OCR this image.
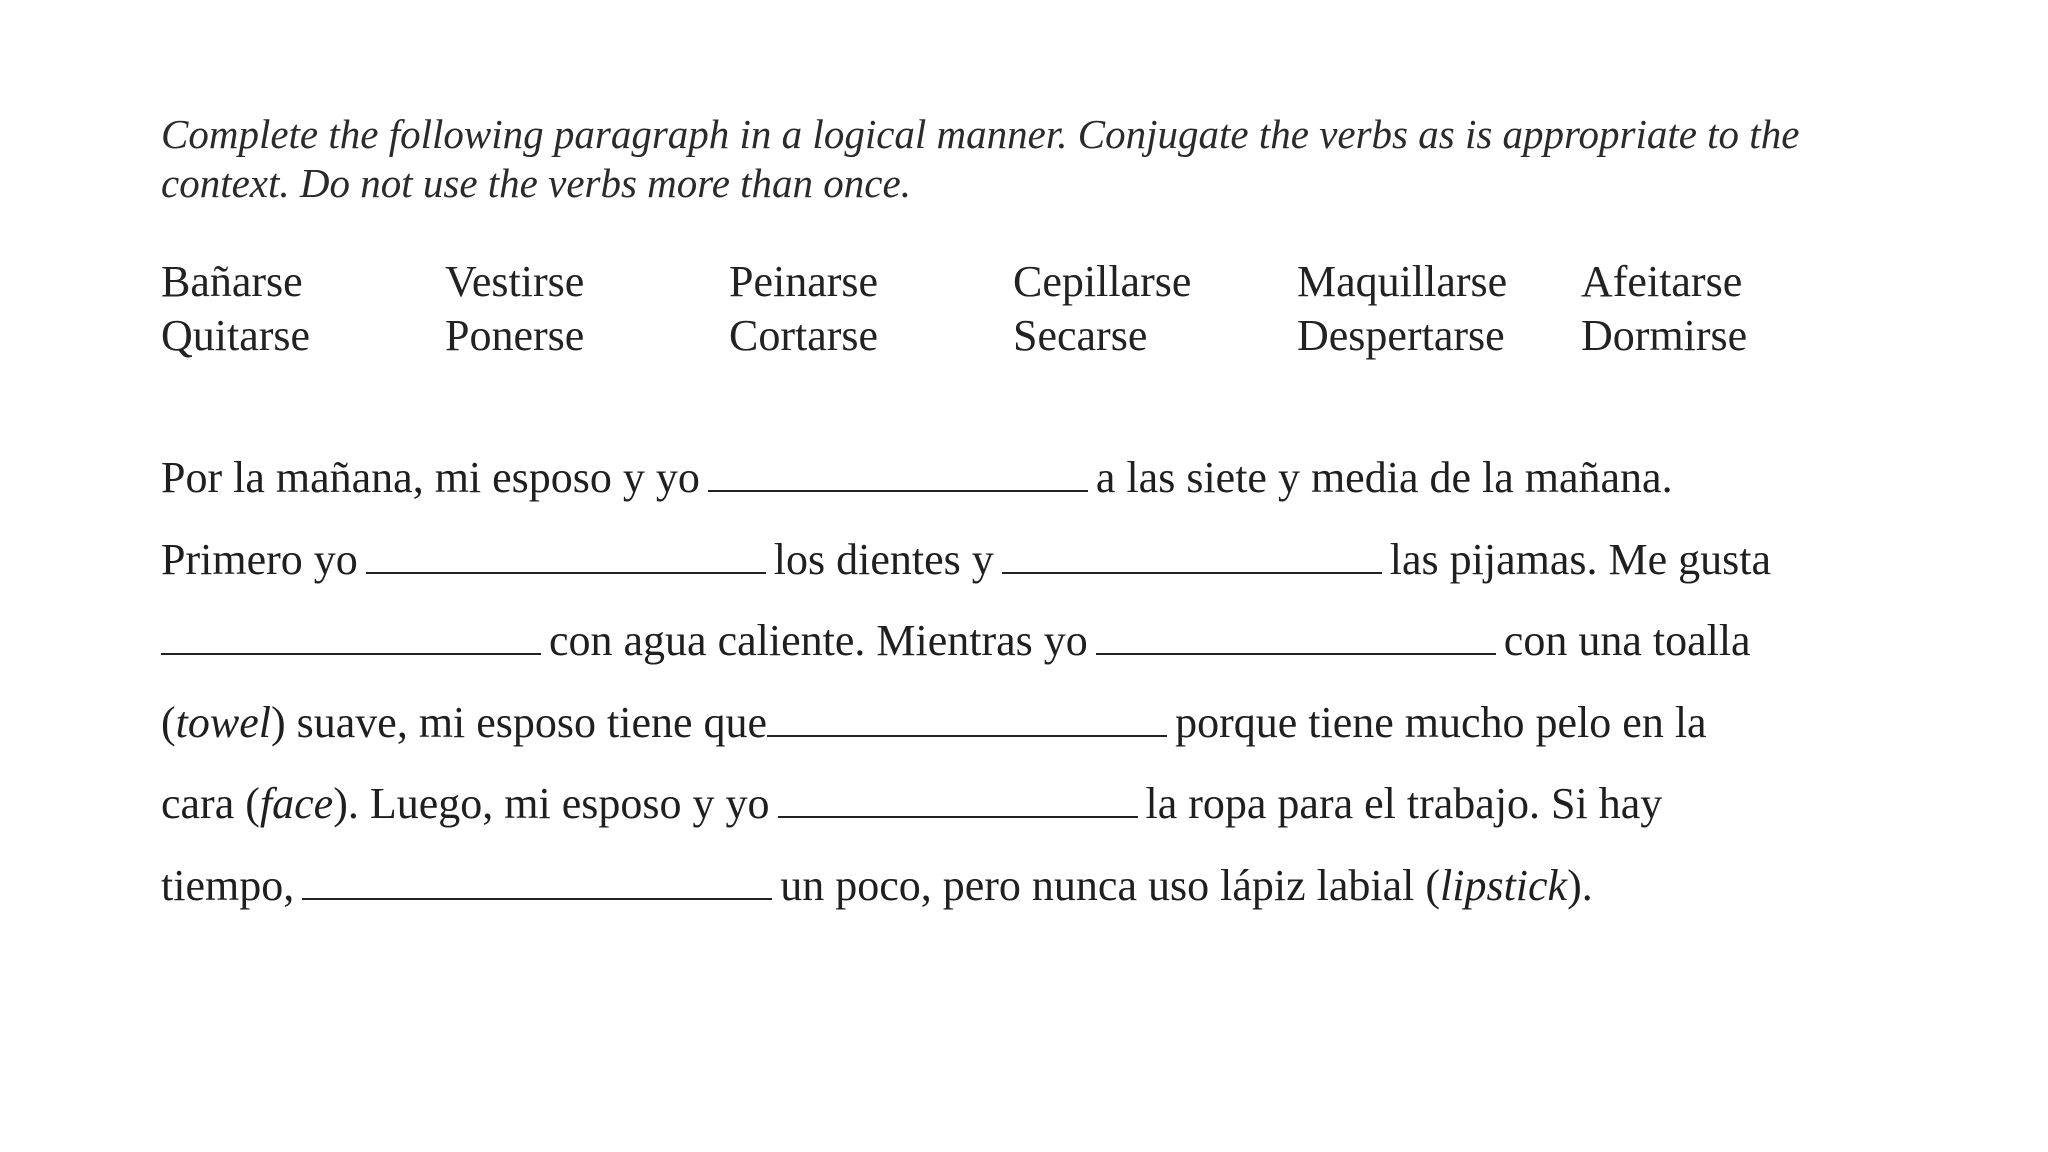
Complete the following paragraph in a logical manner. Conjugate the verbs as is appropriate to the context. Do not use the verbs more than once.
Bañarse	Vestirse	Peinarse	Cepillarse	Maquillarse	Afeitarse
Quitarse	Ponerse	Cortarse	Secarse	Despertarse	Dormirse
Por la mañana, mi esposo y yo	a las siete y media de la mañana.
Primero yo	los dientes y	las pijamas. Me gusta
con agua caliente. Mientras yo	con una toalla
(towel) suave, mi esposo tiene que	porque tiene mucho pelo en la
cara (face). Luego, mi esposo y yo	la ropa para el trabajo. Si hay
tiempo,	un poco, pero nunca uso lápiz labial (lipstick).
